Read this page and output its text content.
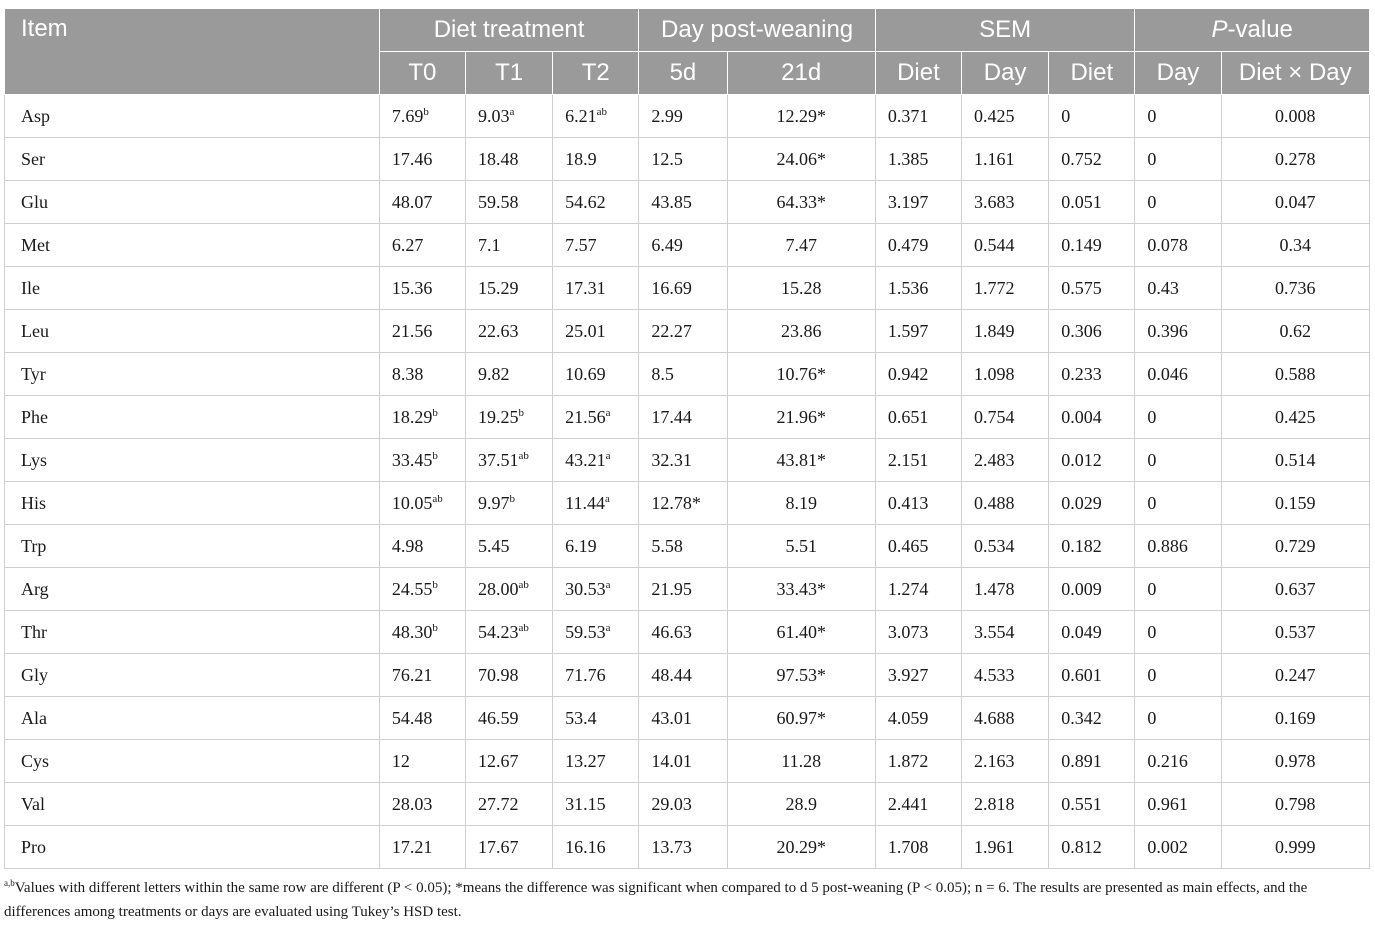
Item	Diet treatment			Day post-weaning		SEM			P-value	
	T0	T1	T2	5d	21d	Diet	Day	Diet	Day	Diet × Day
Asp	7.69$^b$	9.03$^a$	6.21$^{ab}$	2.99	12.29*	0.371	0.425	0	0	0.008
Ser	17.46	18.48	18.9	12.5	24.06*	1.385	1.161	0.752	0	0.278
Glu	48.07	59.58	54.62	43.85	64.33*	3.197	3.683	0.051	0	0.047
Met	6.27	7.1	7.57	6.49	7.47	0.479	0.544	0.149	0.078	0.34
Ile	15.36	15.29	17.31	16.69	15.28	1.536	1.772	0.575	0.43	0.736
Leu	21.56	22.63	25.01	22.27	23.86	1.597	1.849	0.306	0.396	0.62
Tyr	8.38	9.82	10.69	8.5	10.76*	0.942	1.098	0.233	0.046	0.588
Phe	18.29$^b$	19.25$^b$	21.56$^a$	17.44	21.96*	0.651	0.754	0.004	0	0.425
Lys	33.45$^b$	37.51$^{ab}$	43.21$^a$	32.31	43.81*	2.151	2.483	0.012	0	0.514
His	10.05$^{ab}$	9.97$^b$	11.44$^a$	12.78*	8.19	0.413	0.488	0.029	0	0.159
Trp	4.98	5.45	6.19	5.58	5.51	0.465	0.534	0.182	0.886	0.729
Arg	24.55$^b$	28.00$^{ab}$	30.53$^a$	21.95	33.43*	1.274	1.478	0.009	0	0.637
Thr	48.30$^b$	54.23$^{ab}$	59.53$^a$	46.63	61.40*	3.073	3.554	0.049	0	0.537
Gly	76.21	70.98	71.76	48.44	97.53*	3.927	4.533	0.601	0	0.247
Ala	54.48	46.59	53.4	43.01	60.97*	4.059	4.688	0.342	0	0.169
Cys	12	12.67	13.27	14.01	11.28	1.872	2.163	0.891	0.216	0.978
Val	28.03	27.72	31.15	29.03	28.9	2.441	2.818	0.551	0.961	0.798
Pro	17.21	17.67	16.16	13.73	20.29*	1.708	1.961	0.812	0.002	0.999
$^{a,b}$Values with different letters within the same row are different (P < 0.05); *means the difference was significant when compared to d 5 post-weaning (P < 0.05); n = 6. The results are presented as main effects, and the differences among treatments or days are evaluated using Tukey’s HSD test.
